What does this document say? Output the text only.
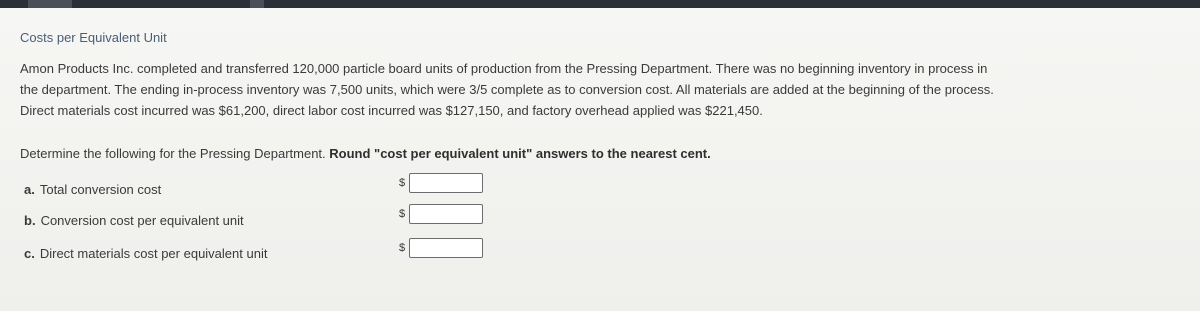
Costs per Equivalent Unit

Amon Products Inc. completed and transferred 120,000 particle board units of production from the Pressing Department. There was no beginning inventory in process in

the department. The ending in-process inventory was 7,500 units, which were 3/5 complete as to conversion cost. All materials are added at the beginning of the process.

Direct materials cost incurred was $61,200, direct labor cost incurred was $127,150, and factory overhead applied was $221,450.

Determine the following for the Pressing Department. Round "cost per equivalent unit" answers to the nearest cent.
a. Total conversion cost	$
b. Conversion cost per equivalent unit	$
c. Direct materials cost per equivalent unit	$
